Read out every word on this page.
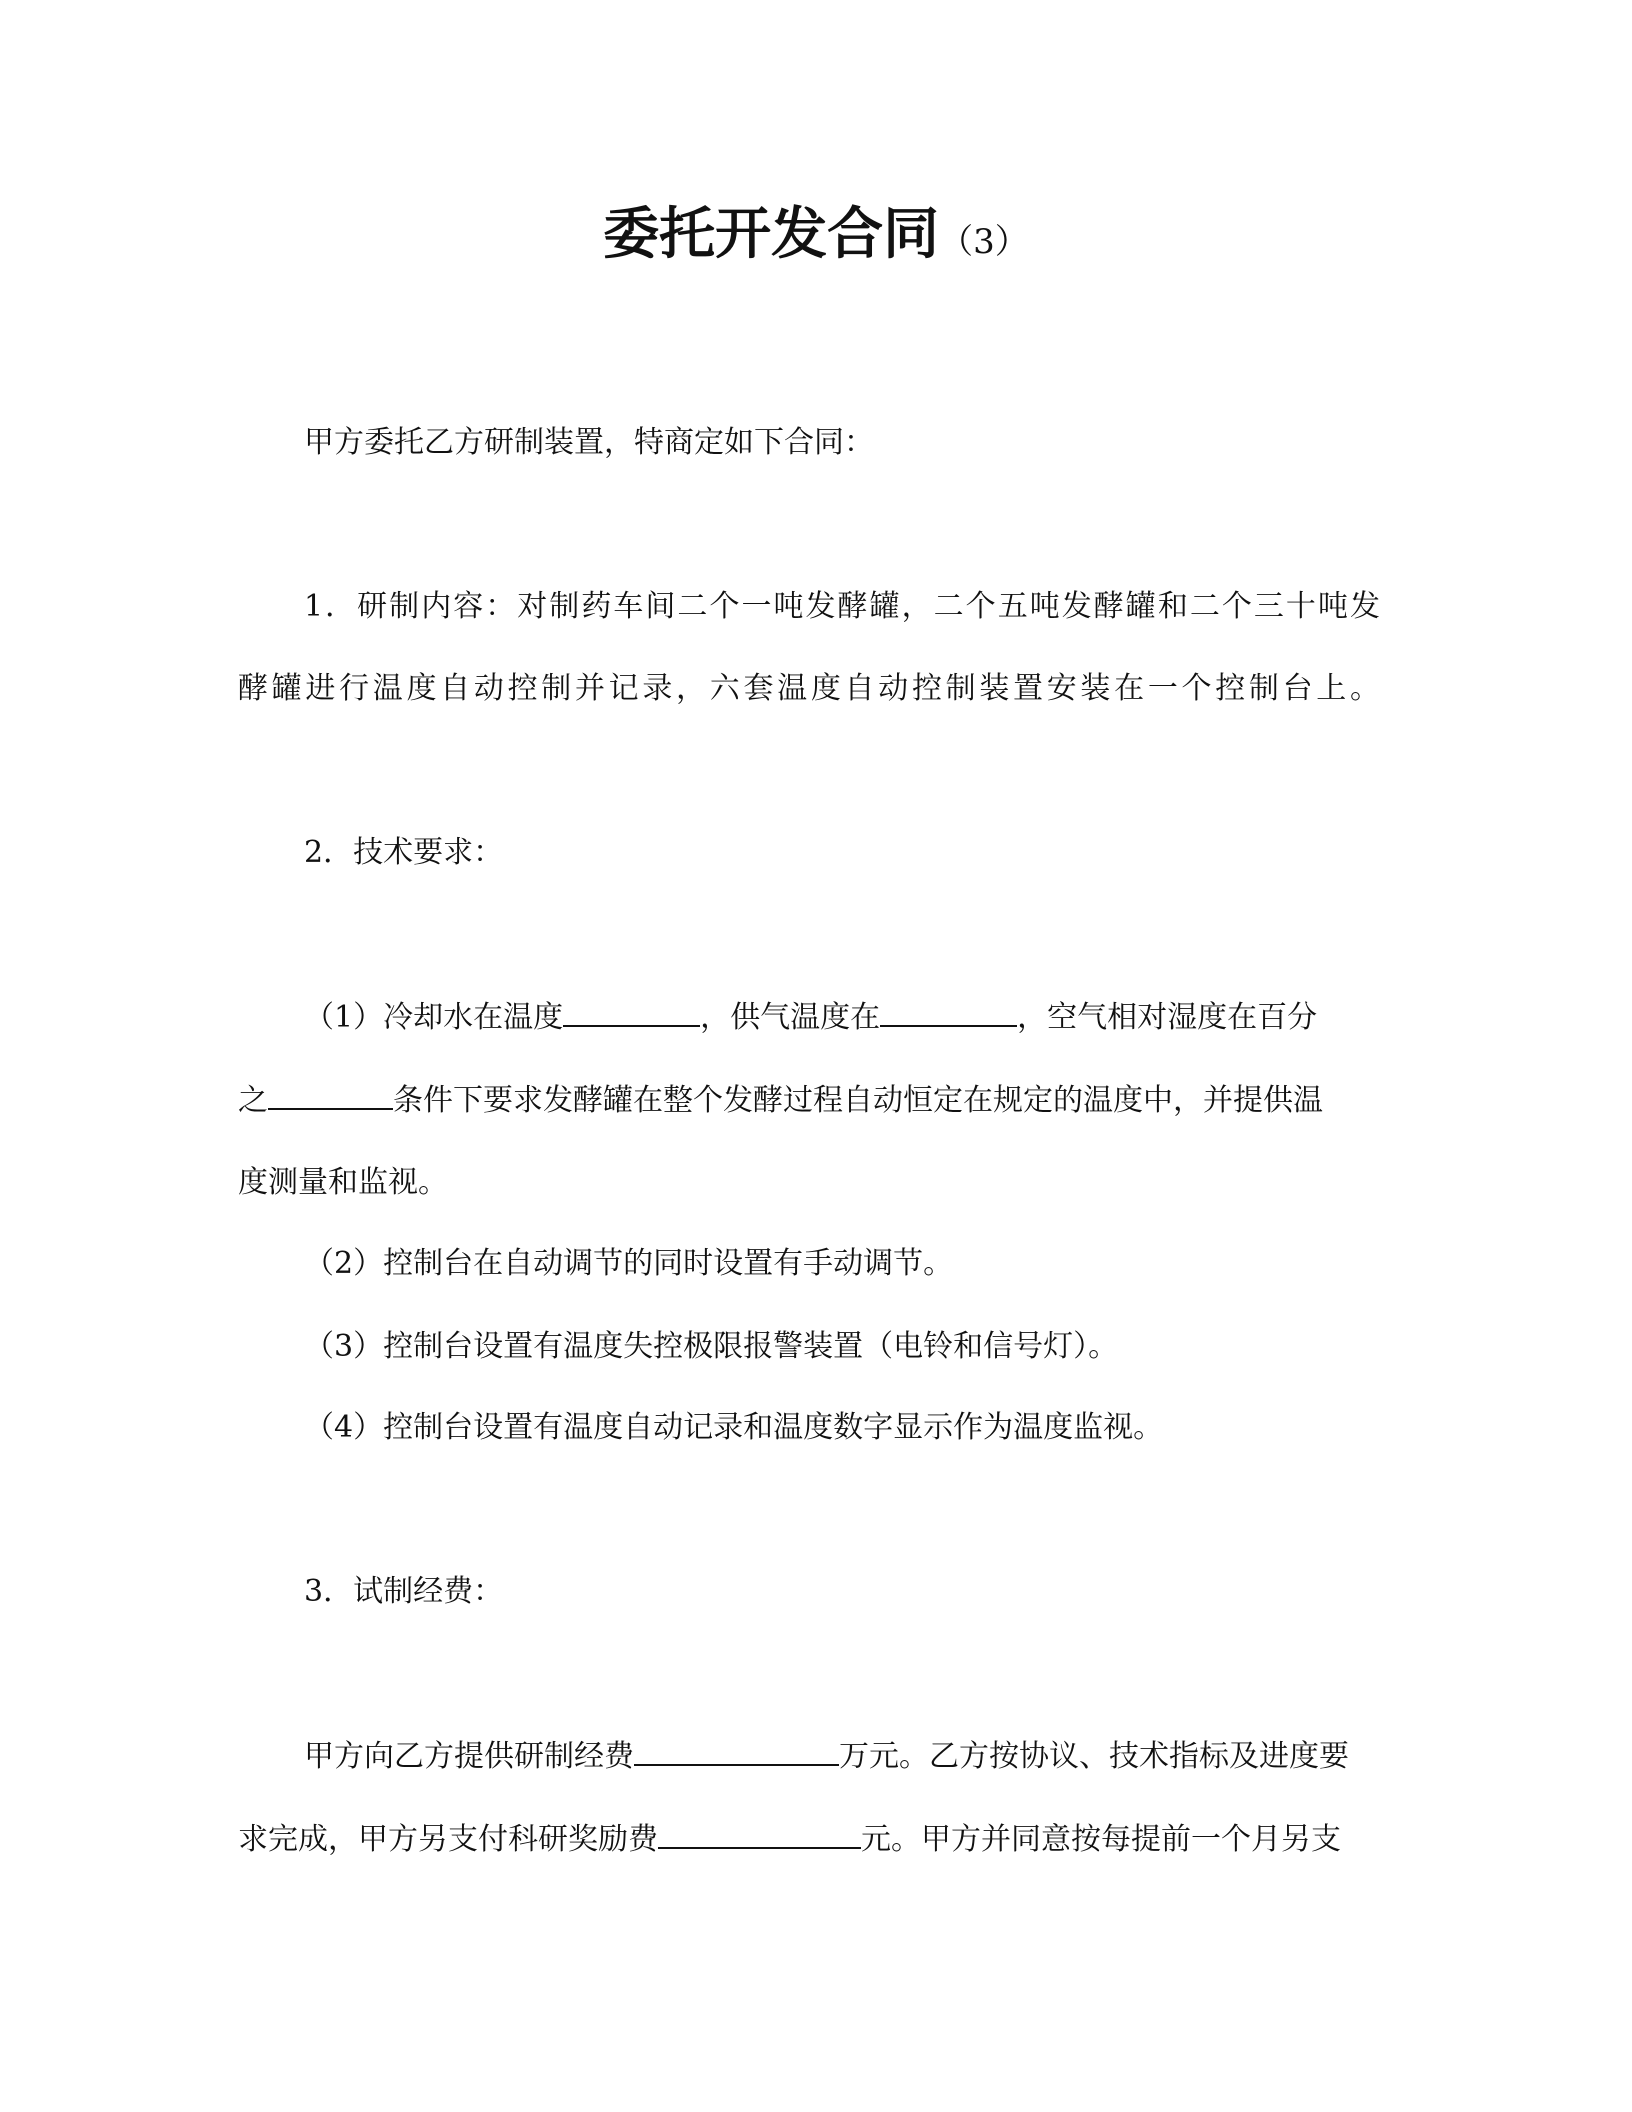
委托开发合同（3）
甲方委托乙方研制装置，特商定如下合同：
1．研制内容：对制药车间二个一吨发酵罐，二个五吨发酵罐和二个三十吨发
酵罐进行温度自动控制并记录，六套温度自动控制装置安装在一个控制台上。
2．技术要求：
（1）冷却水在温度	，供气温度在	，空气相对湿度在百分
之	条件下要求发酵罐在整个发酵过程自动恒定在规定的温度中，并提供温
度测量和监视。
（2）控制台在自动调节的同时设置有手动调节。
（3）控制台设置有温度失控极限报警装置（电铃和信号灯）。
（4）控制台设置有温度自动记录和温度数字显示作为温度监视。
3．试制经费：
甲方向乙方提供研制经费	万元。乙方按协议、技术指标及进度要
求完成，甲方另支付科研奖励费	元。甲方并同意按每提前一个月另支
